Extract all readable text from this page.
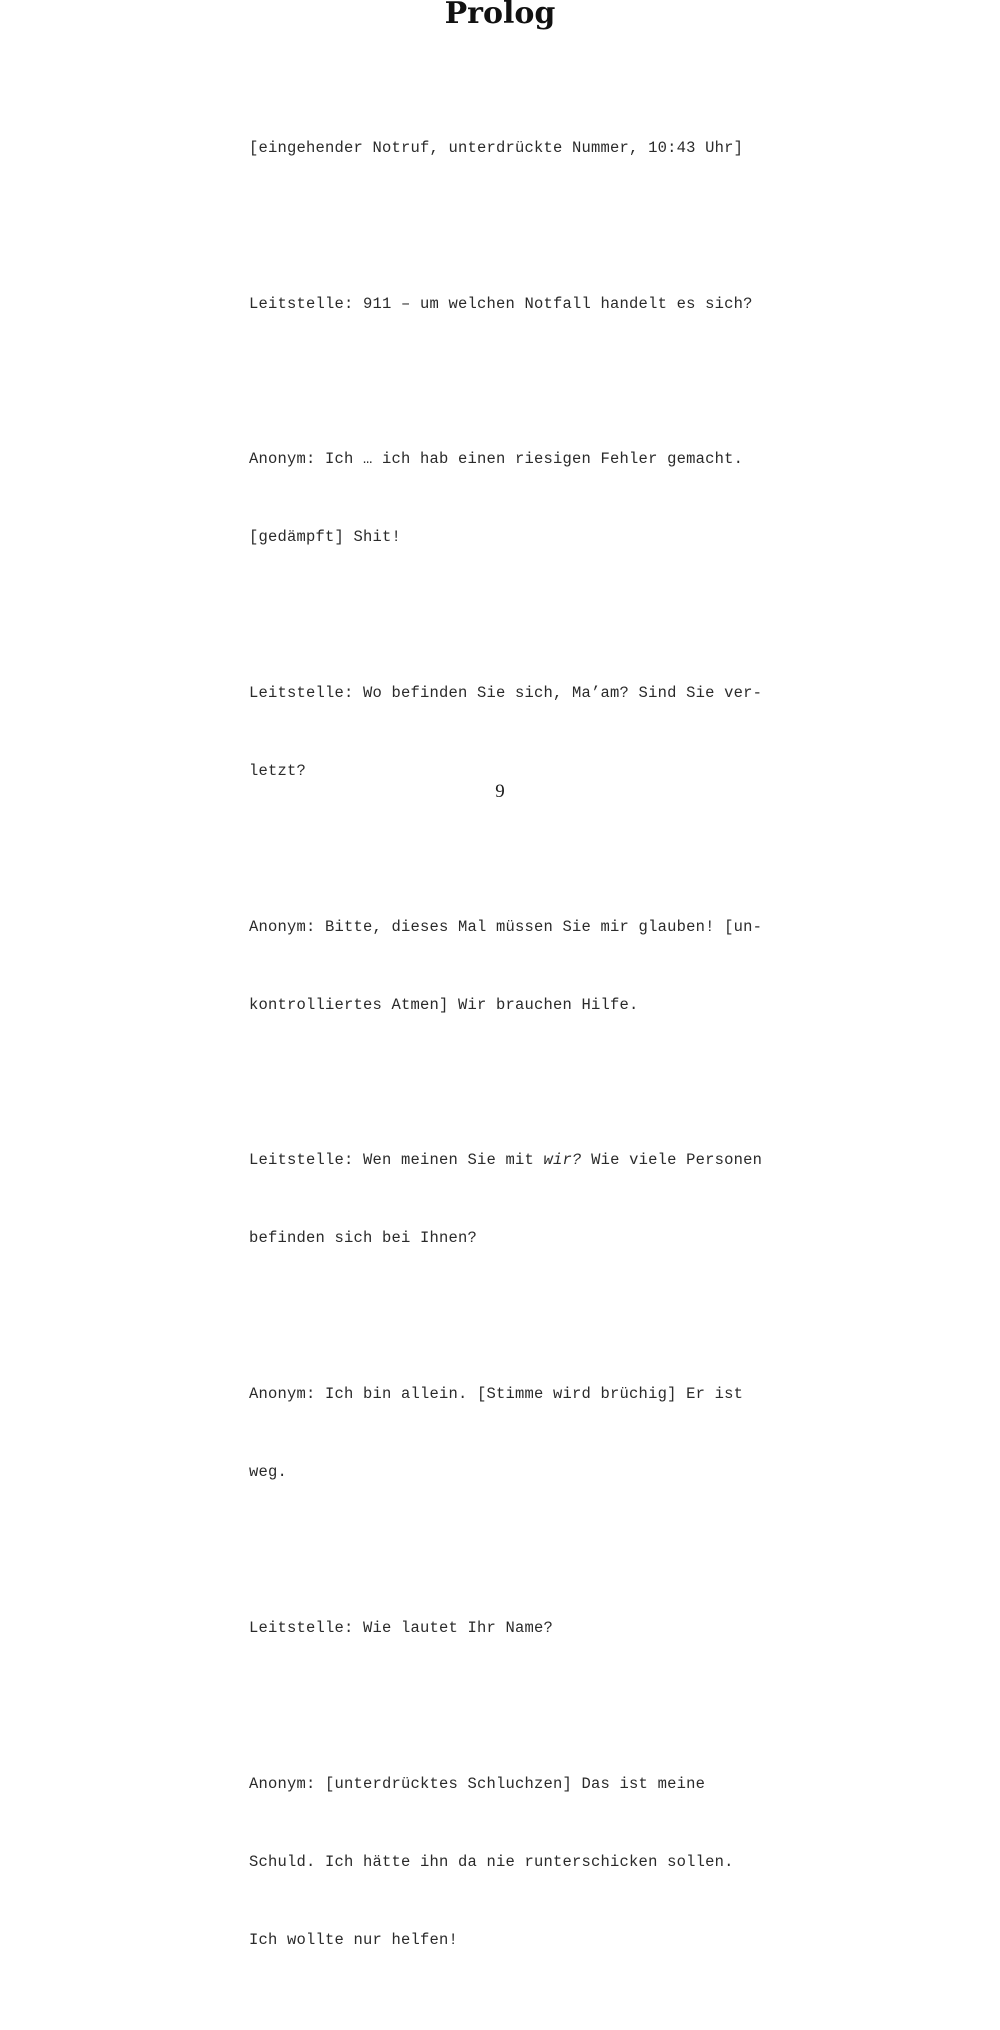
Prolog

[eingehender Notruf, unterdrückte Nummer, 10:43 Uhr]

Leitstelle: 911 – um welchen Notfall handelt es sich?

Anonym: Ich … ich hab einen riesigen Fehler gemacht.

[gedämpft] Shit!

Leitstelle: Wo befinden Sie sich, Ma’am? Sind Sie ver-

letzt?

Anonym: Bitte, dieses Mal müssen Sie mir glauben! [un-

kontrolliertes Atmen] Wir brauchen Hilfe.

Leitstelle: Wen meinen Sie mit wir? Wie viele Personen

befinden sich bei Ihnen?

Anonym: Ich bin allein. [Stimme wird brüchig] Er ist

weg.

Leitstelle: Wie lautet Ihr Name?

Anonym: [unterdrücktes Schluchzen] Das ist meine

Schuld. Ich hätte ihn da nie runterschicken sollen.

Ich wollte nur helfen!

9
